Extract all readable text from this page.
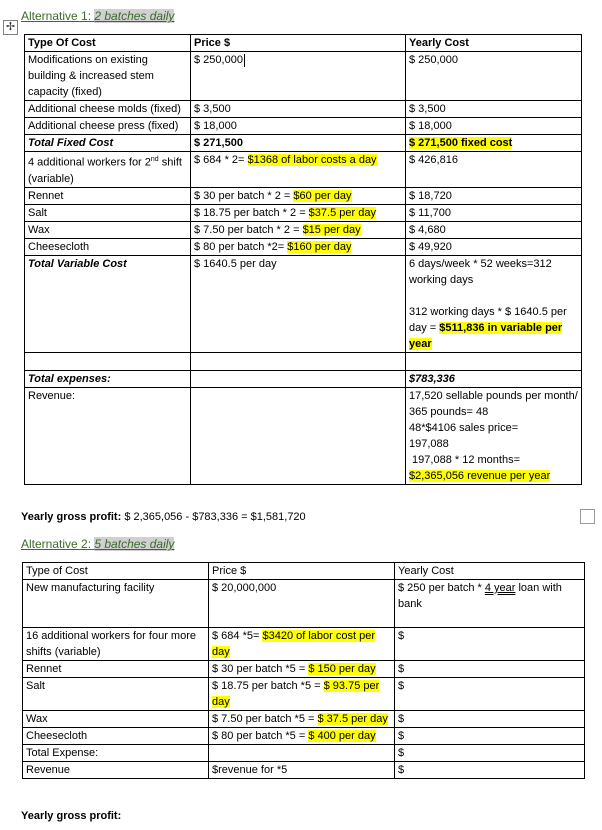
✢
Alternative 1: 2 batches daily
Type Of Cost	Price $	Yearly Cost
Modifications on existing building & increased stem capacity (fixed)	$ 250,000	$ 250,000
Additional cheese molds (fixed)	$ 3,500	$ 3,500
Additional cheese press (fixed)	$ 18,000	$ 18,000
Total Fixed Cost	$ 271,500	$ 271,500 fixed cost
4 additional workers for 2nd shift (variable)	$ 684 * 2= $1368 of labor costs a day	$ 426,816
Rennet	$ 30 per batch * 2 = $60 per day	$ 18,720
Salt	$ 18.75 per batch * 2 = $37.5 per day	$ 11,700
Wax	$ 7.50 per batch * 2 = $15 per day	$ 4,680
Cheesecloth	$ 80 per batch *2= $160 per day	$ 49,920
Total Variable Cost	$ 1640.5 per day	6 days/week * 52 weeks=312 working days
312 working days * $ 1640.5 per day = $511,836 in variable per year

Total expenses:		$783,336
Revenue:		17,520 sellable pounds per month/ 365 pounds= 48
48*$4106 sales price=
197,088
197,088 * 12 months=
$2,365,056 revenue per year
Yearly gross profit: $ 2,365,056 - $783,336 = $1,581,720
Alternative 2: 5 batches daily
Type of Cost	Price $	Yearly Cost
New manufacturing facility	$ 20,000,000	$ 250 per batch * 4 year loan with bank
16 additional workers for four more shifts (variable)	$ 684 *5= $3420 of labor cost per day	$
Rennet	$ 30 per batch *5 = $ 150 per day	$
Salt	$ 18.75 per batch *5 = $ 93.75 per day	$
Wax	$ 7.50 per batch *5 = $ 37.5 per day	$
Cheesecloth	$ 80 per batch *5 = $ 400 per day	$
Total Expense:		$
Revenue	$revenue for *5	$
Yearly gross profit:
